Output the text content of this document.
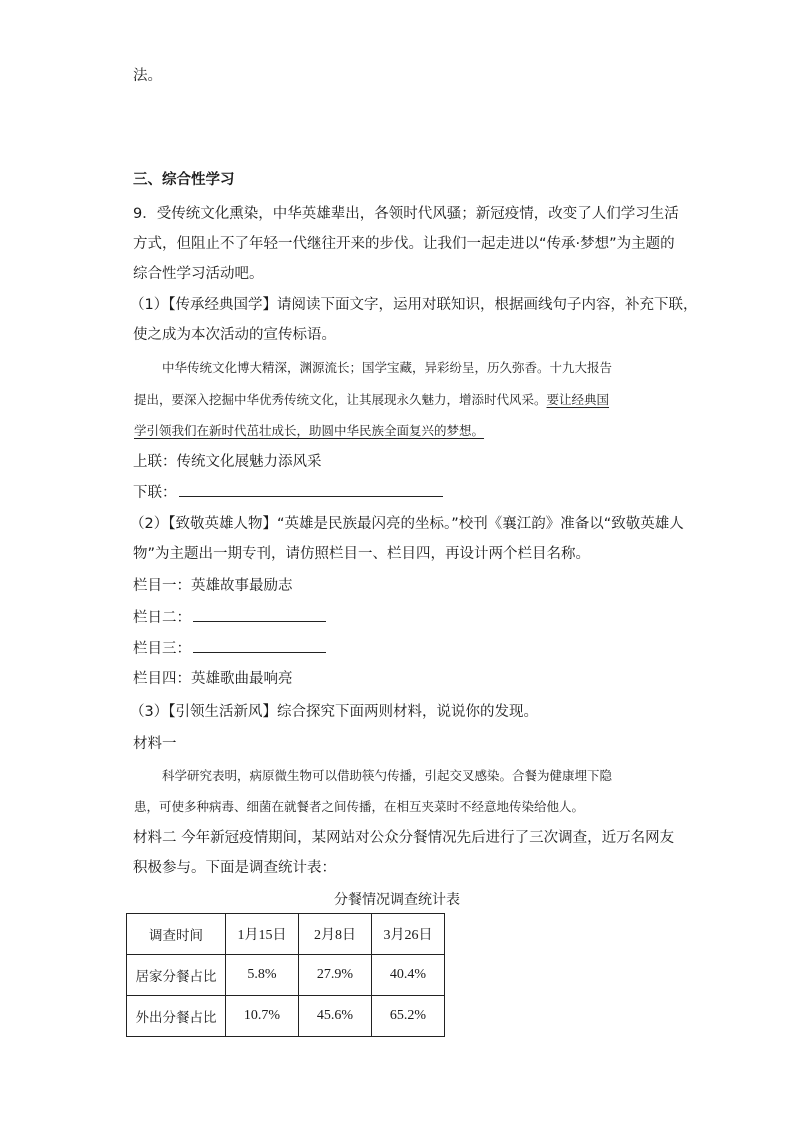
法。
三、综合性学习
9．受传统文化熏染，中华英雄辈出，各领时代风骚；新冠疫情，改变了人们学习生活
方式，但阻止不了年轻一代继往开来的步伐。让我们一起走进以“传承·梦想”为主题的
综合性学习活动吧。
（1）【传承经典国学】请阅读下面文字，运用对联知识，根据画线句子内容，补充下联，
使之成为本次活动的宣传标语。
中华传统文化博大精深，渊源流长；国学宝藏，异彩纷呈，历久弥香。十九大报告
提出，要深入挖掘中华优秀传统文化，让其展现永久魅力，增添时代风采。要让经典国
学引领我们在新时代茁壮成长，助圆中华民族全面复兴的梦想。
上联：传统文化展魅力添风采
下联：
（2）【致敬英雄人物】“英雄是民族最闪亮的坐标。”校刊《襄江韵》准备以“致敬英雄人
物”为主题出一期专刊，请仿照栏目一、栏目四，再设计两个栏目名称。
栏目一：英雄故事最励志
栏日二：
栏目三：
栏目四：英雄歌曲最响亮
（3）【引领生活新风】综合探究下面两则材料，说说你的发现。
材料一
科学研究表明，病原微生物可以借助筷勺传播，引起交叉感染。合餐为健康埋下隐
患，可使多种病毒、细菌在就餐者之间传播，在相互夹菜时不经意地传染给他人。
材料二 今年新冠疫情期间，某网站对公众分餐情况先后进行了三次调查，近万名网友
积极参与。下面是调查统计表：
分餐情况调查统计表
调查时间	1月15日	2月8日	3月26日
居家分餐占比	5.8%	27.9%	40.4%
外出分餐占比	10.7%	45.6%	65.2%
